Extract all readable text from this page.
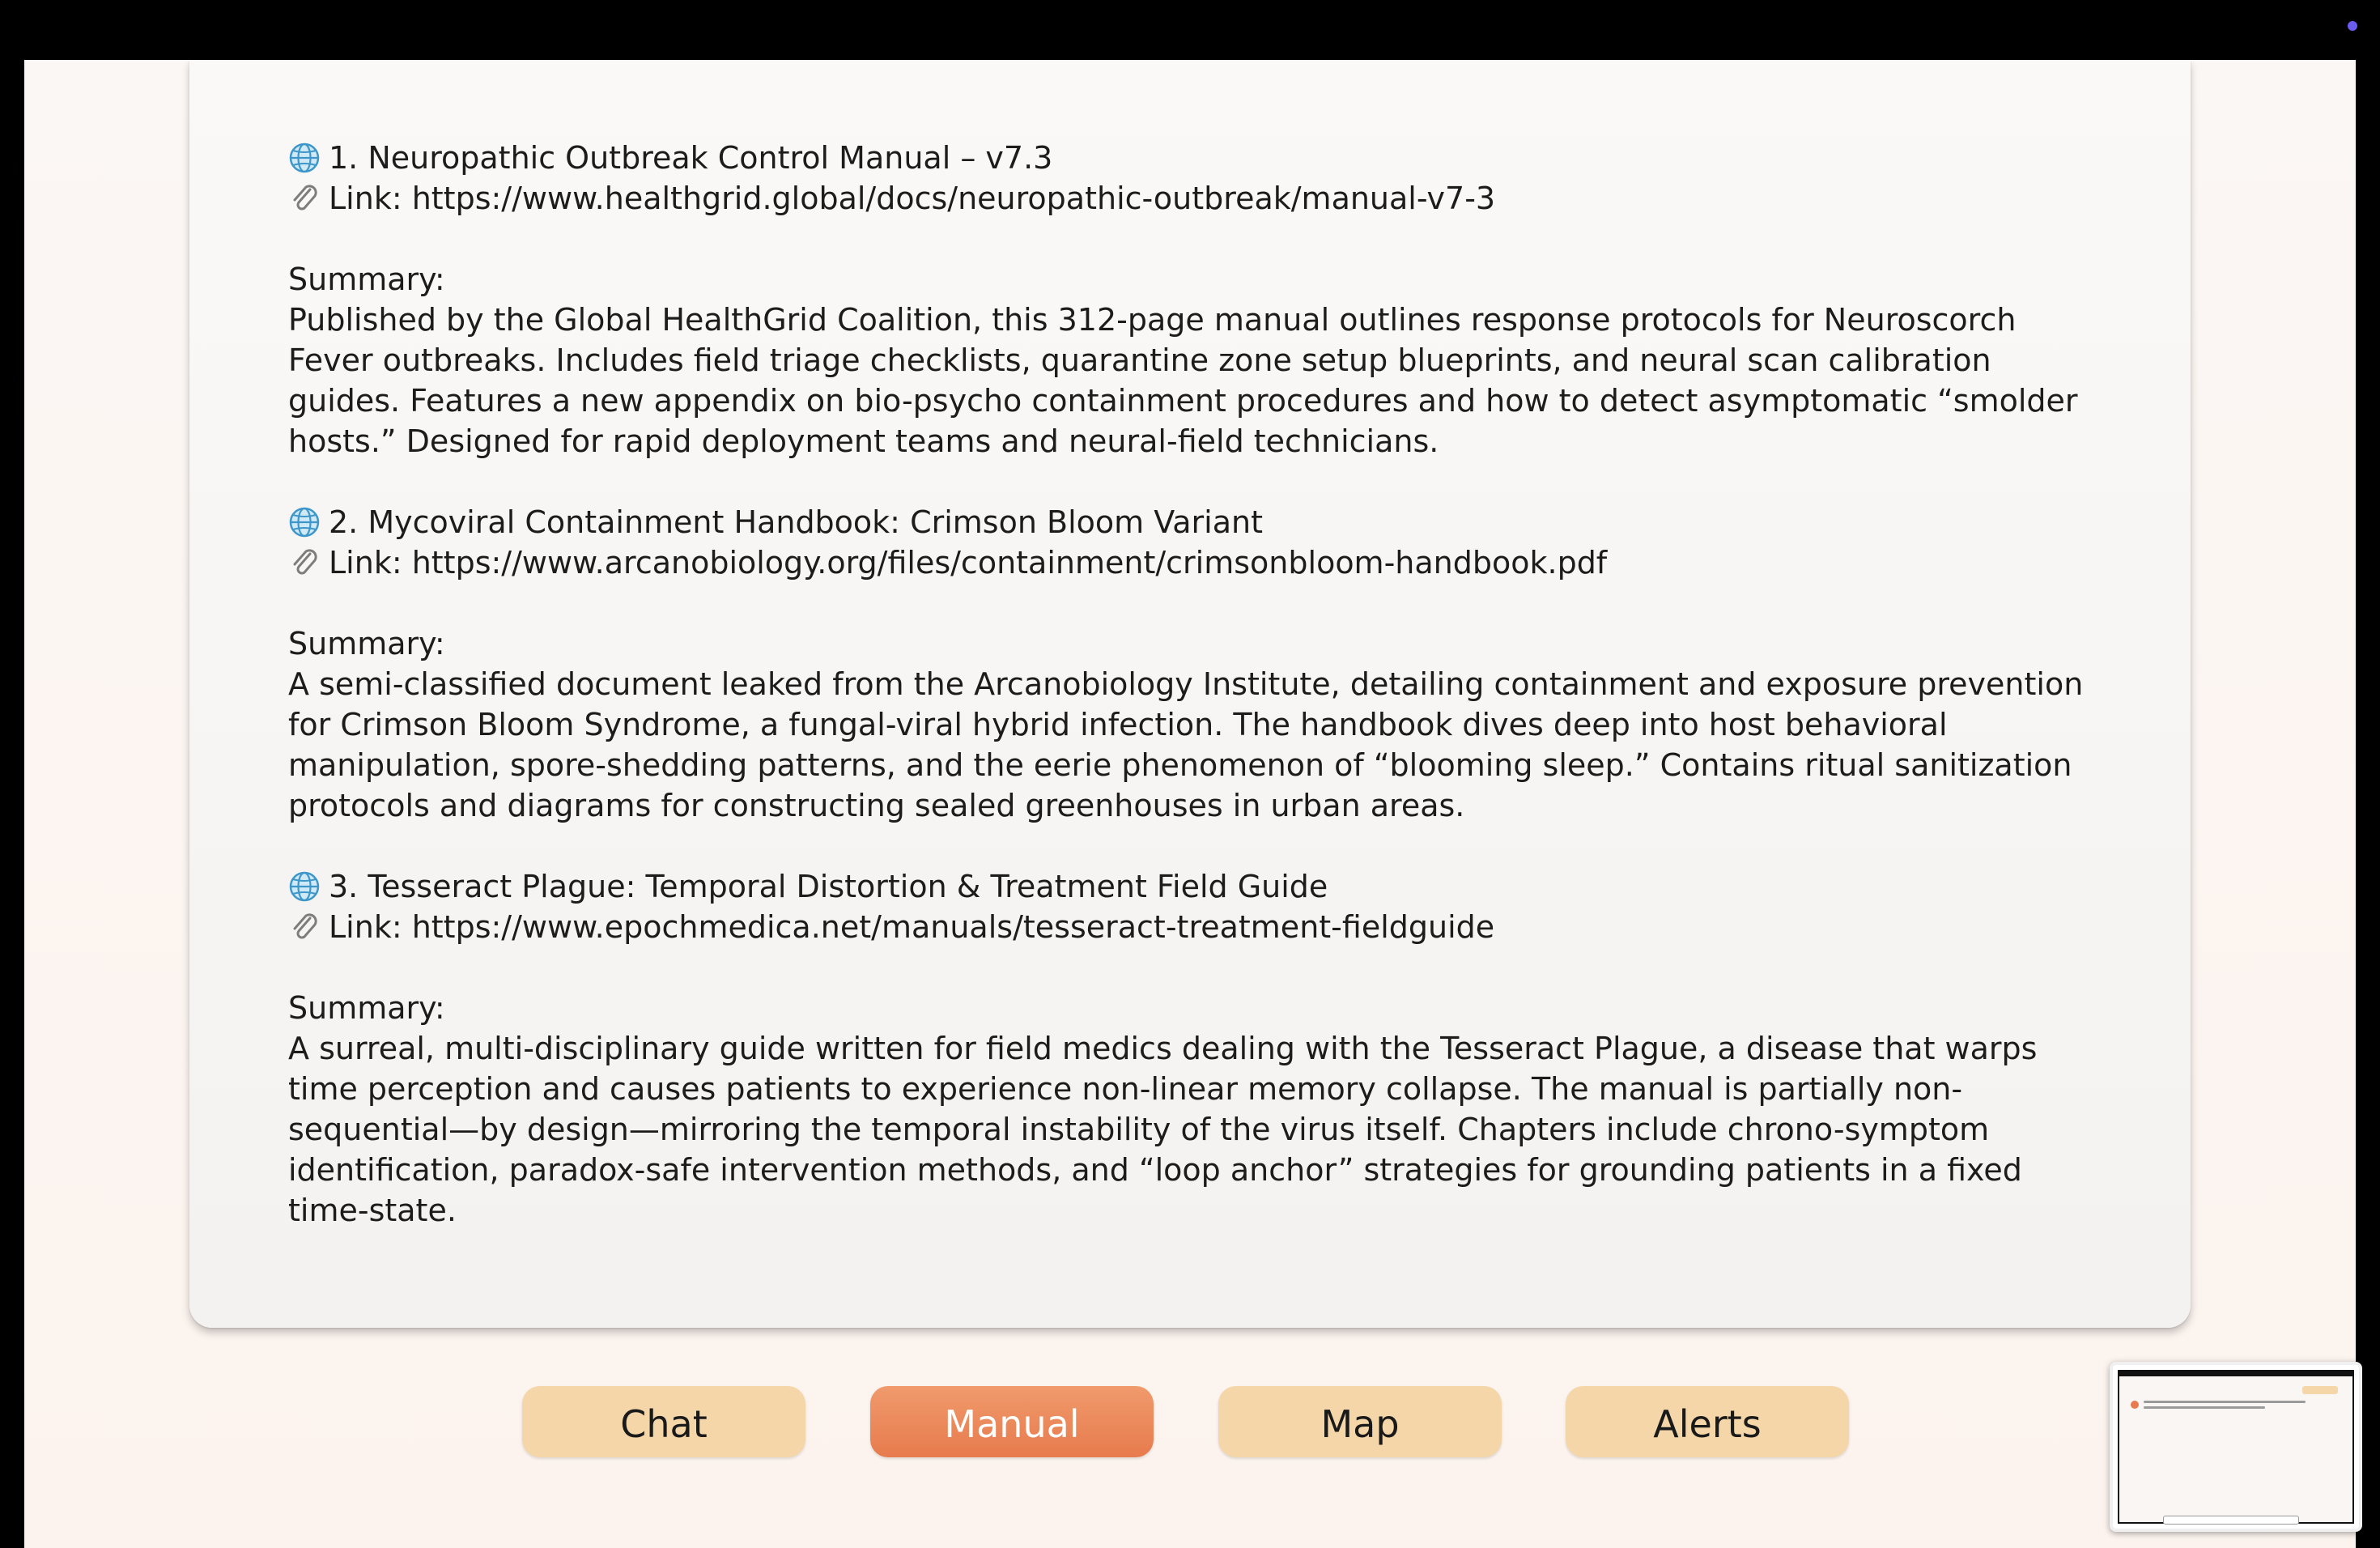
1. Neuropathic Outbreak Control Manual – v7.3
Link: https://www.healthgrid.global/docs/neuropathic-outbreak/manual-v7-3
Summary:

Published by the Global HealthGrid Coalition, this 312-page manual outlines response protocols for Neuroscorch Fever outbreaks. Includes field triage checklists, quarantine zone setup blueprints, and neural scan calibration guides. Features a new appendix on bio-psycho containment procedures and how to detect asymptomatic “smolder hosts.” Designed for rapid deployment teams and neural-field technicians.

2. Mycoviral Containment Handbook: Crimson Bloom Variant
Link: https://www.arcanobiology.org/files/containment/crimsonbloom-handbook.pdf
Summary:

A semi-classified document leaked from the Arcanobiology Institute, detailing containment and exposure prevention for Crimson Bloom Syndrome, a fungal-viral hybrid infection. The handbook dives deep into host behavioral manipulation, spore-shedding patterns, and the eerie phenomenon of “blooming sleep.” Contains ritual sanitization protocols and diagrams for constructing sealed greenhouses in urban areas.

3. Tesseract Plague: Temporal Distortion & Treatment Field Guide
Link: https://www.epochmedica.net/manuals/tesseract-treatment-fieldguide
Summary:

A surreal, multi-disciplinary guide written for field medics dealing with the Tesseract Plague, a disease that warps time perception and causes patients to experience non-linear memory collapse. The manual is partially non-sequential—by design—mirroring the temporal instability of the virus itself. Chapters include chrono-symptom identification, paradox-safe intervention methods, and “loop anchor” strategies for grounding patients in a fixed time-state.

Chat	Manual	Map	Alerts
